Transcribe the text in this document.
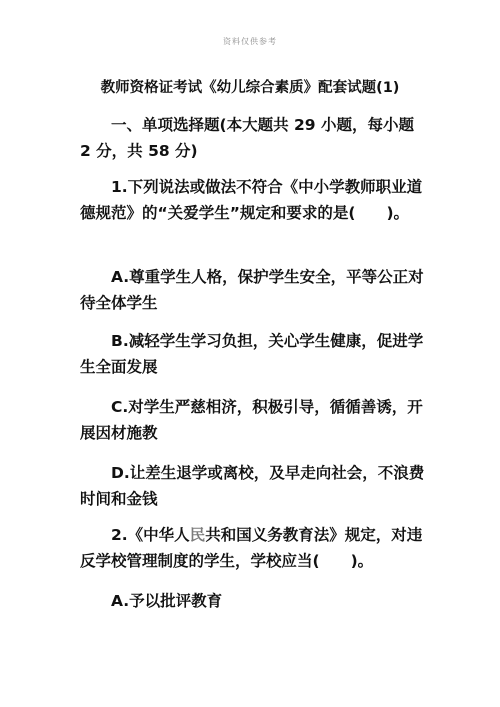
资料仅供参考
教师资格证考试《幼儿综合素质》配套试题(1)

一、单项选择题(本大题共 29 小题，每小题 2 分，共 58 分)

1.下列说法或做法不符合《中小学教师职业道德规范》的“关爱学生”规定和要求的是(　　)。

A.尊重学生人格，保护学生安全，平等公正对待全体学生

B.减轻学生学习负担，关心学生健康，促进学生全面发展

C.对学生严慈相济，积极引导，循循善诱，开展因材施教

D.让差生退学或离校，及早走向社会，不浪费时间和金钱

2.《中华人民共和国义务教育法》规定，对违反学校管理制度的学生，学校应当(　　)。

A.予以批评教育
